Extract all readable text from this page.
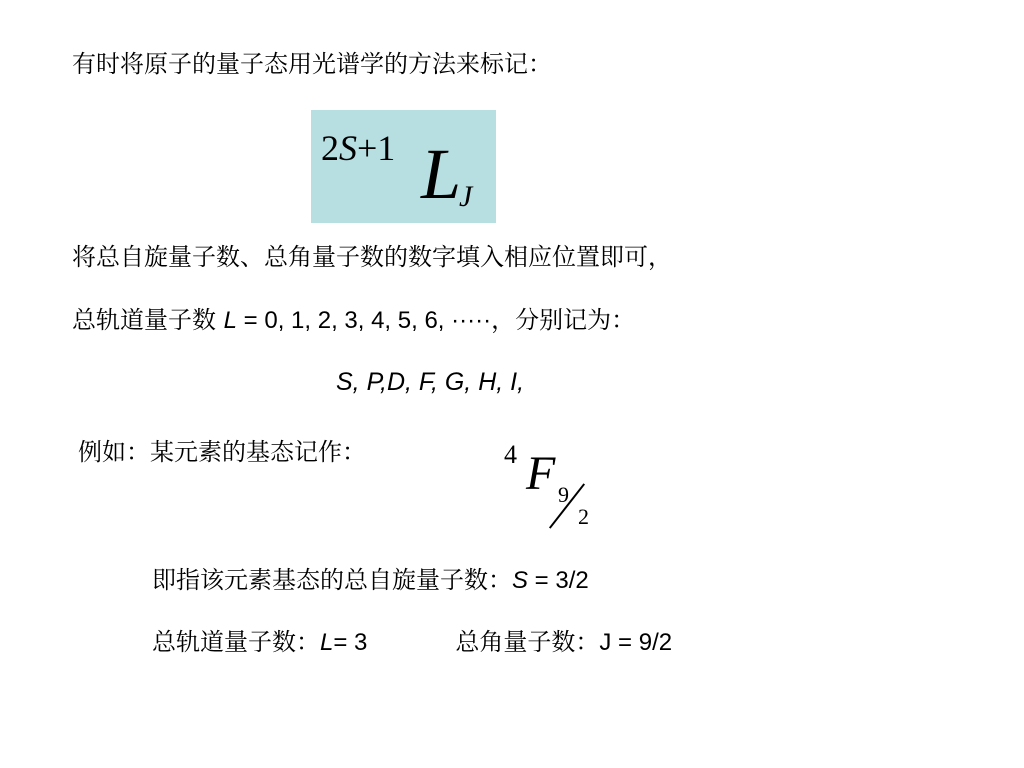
有时将原子的量子态用光谱学的方法来标记：
2S+1 L
J
将总自旋量子数、总角量子数的数字填入相应位置即可，
总轨道量子数 L = 0, 1, 2, 3, 4, 5, 6, ·····，分别记为：
S, P,D, F, G, H, I,
例如：某元素的基态记作：	4 F 9
2
即指该元素基态的总自旋量子数：S = 3/2
总轨道量子数：L= 3	总角量子数：J = 9/2
